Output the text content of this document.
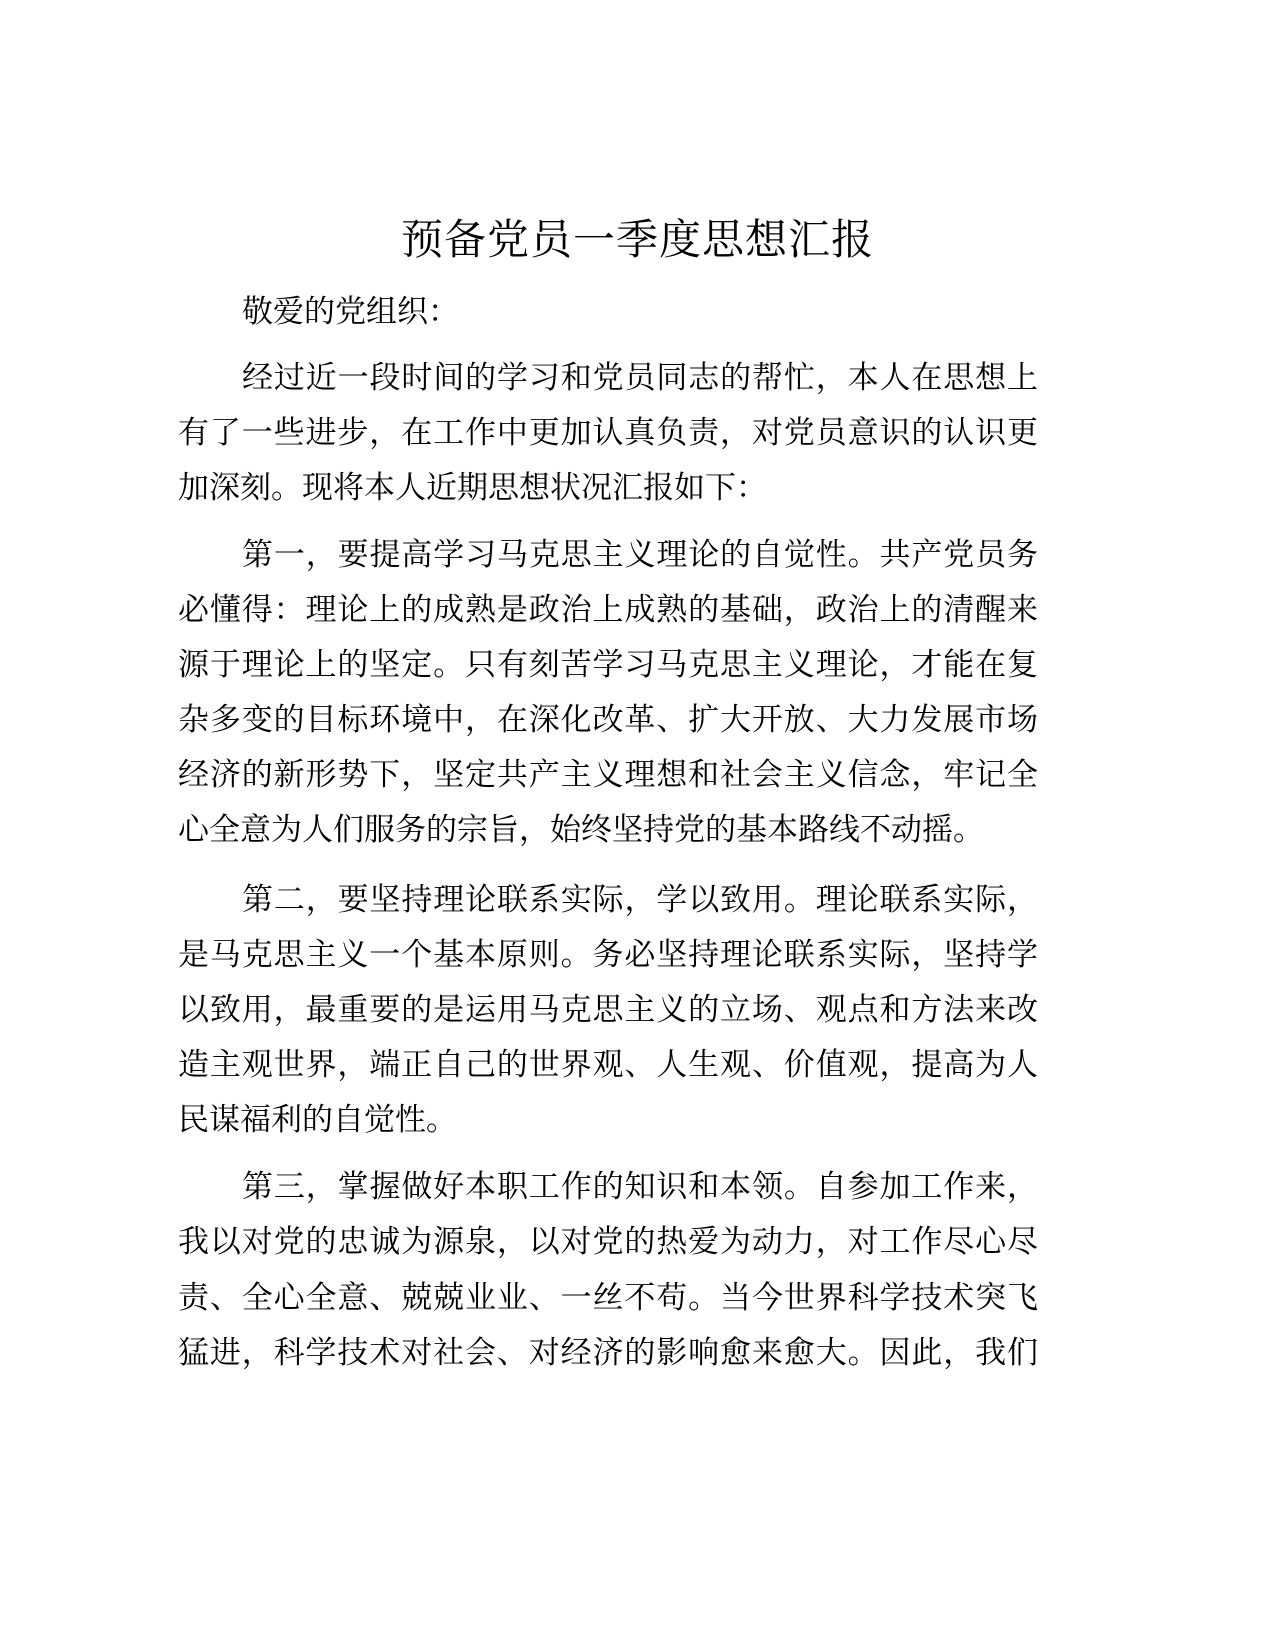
预备党员一季度思想汇报
敬爱的党组织：
经过近一段时间的学习和党员同志的帮忙，本人在思想上
有了一些进步，在工作中更加认真负责，对党员意识的认识更
加深刻。现将本人近期思想状况汇报如下：
第一，要提高学习马克思主义理论的自觉性。共产党员务
必懂得：理论上的成熟是政治上成熟的基础，政治上的清醒来
源于理论上的坚定。只有刻苦学习马克思主义理论，才能在复
杂多变的目标环境中，在深化改革、扩大开放、大力发展市场
经济的新形势下，坚定共产主义理想和社会主义信念，牢记全
心全意为人们服务的宗旨，始终坚持党的基本路线不动摇。
第二，要坚持理论联系实际，学以致用。理论联系实际，
是马克思主义一个基本原则。务必坚持理论联系实际，坚持学
以致用，最重要的是运用马克思主义的立场、观点和方法来改
造主观世界，端正自己的世界观、人生观、价值观，提高为人
民谋福利的自觉性。
第三，掌握做好本职工作的知识和本领。自参加工作来，
我以对党的忠诚为源泉，以对党的热爱为动力，对工作尽心尽
责、全心全意、兢兢业业、一丝不苟。当今世界科学技术突飞
猛进，科学技术对社会、对经济的影响愈来愈大。因此，我们
